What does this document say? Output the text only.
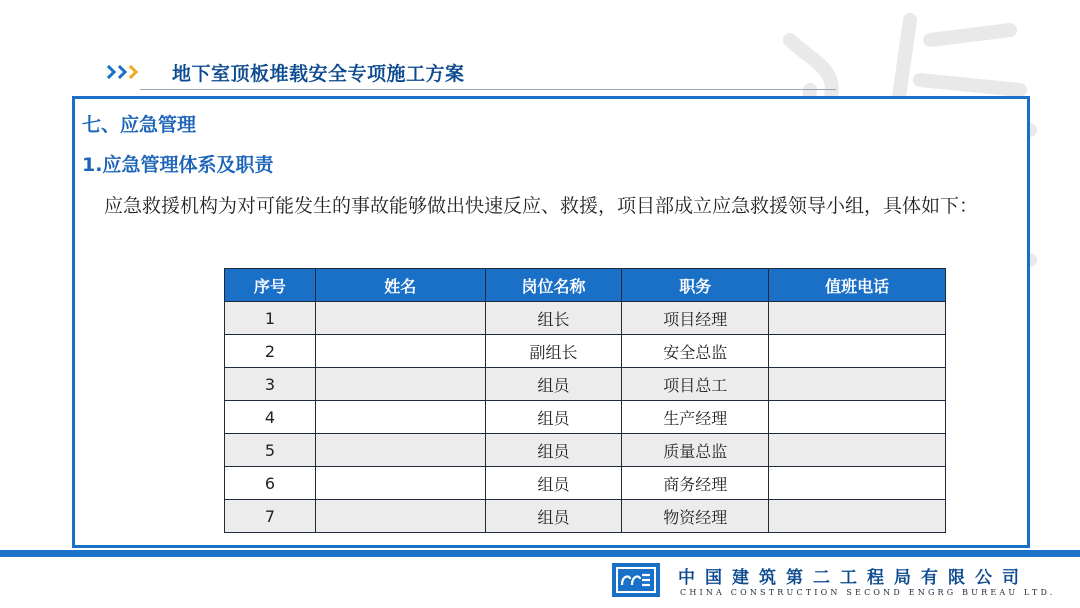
地下室顶板堆载安全专项施工方案
七、应急管理
1.应急管理体系及职责
应急救援机构为对可能发生的事故能够做出快速反应、救援，项目部成立应急救援领导小组，具体如下：
序号	姓名	岗位名称	职务	值班电话
1		组长	项目经理	
2		副组长	安全总监	
3		组员	项目总工	
4		组员	生产经理	
5		组员	质量总监	
6		组员	商务经理	
7		组员	物资经理	
中国建筑第二工程局有限公司
CHINA CONSTRUCTION SECOND ENGRG BUREAU LTD.
